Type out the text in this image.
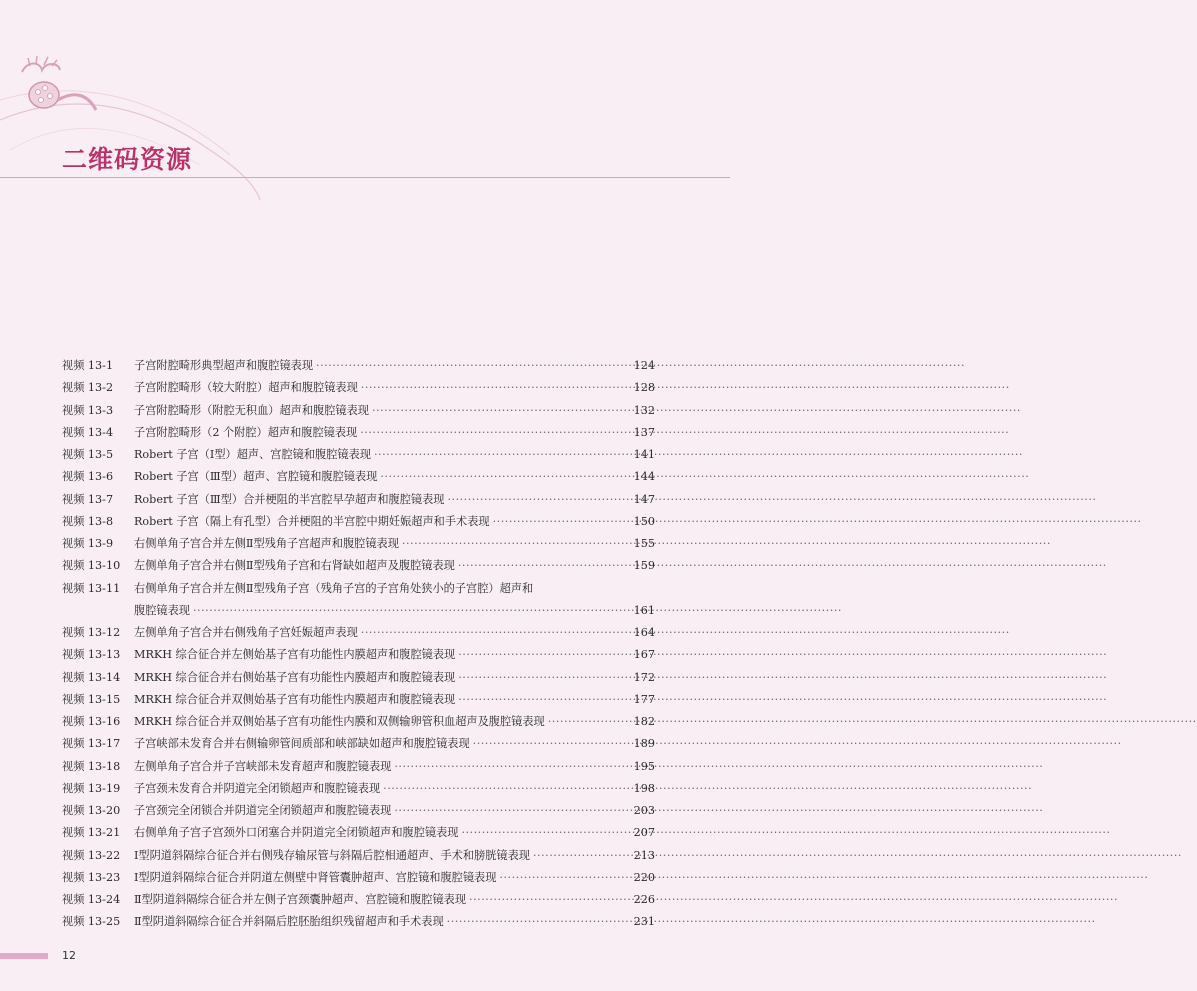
二维码资源
视频 13-1	子宫附腔畸形典型超声和腹腔镜表现 ·····	124
视频 13-2	子宫附腔畸形（较大附腔）超声和腹腔镜表现 ·····	128
视频 13-3	子宫附腔畸形（附腔无积血）超声和腹腔镜表现 ·····	132
视频 13-4	子宫附腔畸形（2 个附腔）超声和腹腔镜表现 ·····	137
视频 13-5	Robert 子宫（Ⅰ型）超声、宫腔镜和腹腔镜表现 ·····	141
视频 13-6	Robert 子宫（Ⅲ型）超声、宫腔镜和腹腔镜表现 ·····	144
视频 13-7	Robert 子宫（Ⅲ型）合并梗阻的半宫腔早孕超声和腹腔镜表现 ·····	147
视频 13-8	Robert 子宫（隔上有孔型）合并梗阻的半宫腔中期妊娠超声和手术表现 ·····	150
视频 13-9	右侧单角子宫合并左侧Ⅱ型残角子宫超声和腹腔镜表现 ·····	155
视频 13-10	左侧单角子宫合并右侧Ⅱ型残角子宫和右肾缺如超声及腹腔镜表现 ·····	159
视频 13-11	右侧单角子宫合并左侧Ⅱ型残角子宫（残角子宫的子宫角处狭小的子宫腔）超声和
腹腔镜表现 ·····	161
视频 13-12	左侧单角子宫合并右侧残角子宫妊娠超声表现 ·····	164
视频 13-13	MRKH 综合征合并左侧始基子宫有功能性内膜超声和腹腔镜表现 ·····	167
视频 13-14	MRKH 综合征合并右侧始基子宫有功能性内膜超声和腹腔镜表现 ·····	172
视频 13-15	MRKH 综合征合并双侧始基子宫有功能性内膜超声和腹腔镜表现 ·····	177
视频 13-16	MRKH 综合征合并双侧始基子宫有功能性内膜和双侧输卵管积血超声及腹腔镜表现 ·····	182
视频 13-17	子宫峡部未发育合并右侧输卵管间质部和峡部缺如超声和腹腔镜表现 ·····	189
视频 13-18	左侧单角子宫合并子宫峡部未发育超声和腹腔镜表现 ·····	195
视频 13-19	子宫颈未发育合并阴道完全闭锁超声和腹腔镜表现 ·····	198
视频 13-20	子宫颈完全闭锁合并阴道完全闭锁超声和腹腔镜表现 ·····	203
视频 13-21	右侧单角子宫子宫颈外口闭塞合并阴道完全闭锁超声和腹腔镜表现 ·····	207
视频 13-22	Ⅰ型阴道斜隔综合征合并右侧残存输尿管与斜隔后腔相通超声、手术和膀胱镜表现 ·····	213
视频 13-23	Ⅰ型阴道斜隔综合征合并阴道左侧壁中肾管囊肿超声、宫腔镜和腹腔镜表现 ·····	220
视频 13-24	Ⅱ型阴道斜隔综合征合并左侧子宫颈囊肿超声、宫腔镜和腹腔镜表现 ·····	226
视频 13-25	Ⅱ型阴道斜隔综合征合并斜隔后腔胚胎组织残留超声和手术表现 ·····	231
12
